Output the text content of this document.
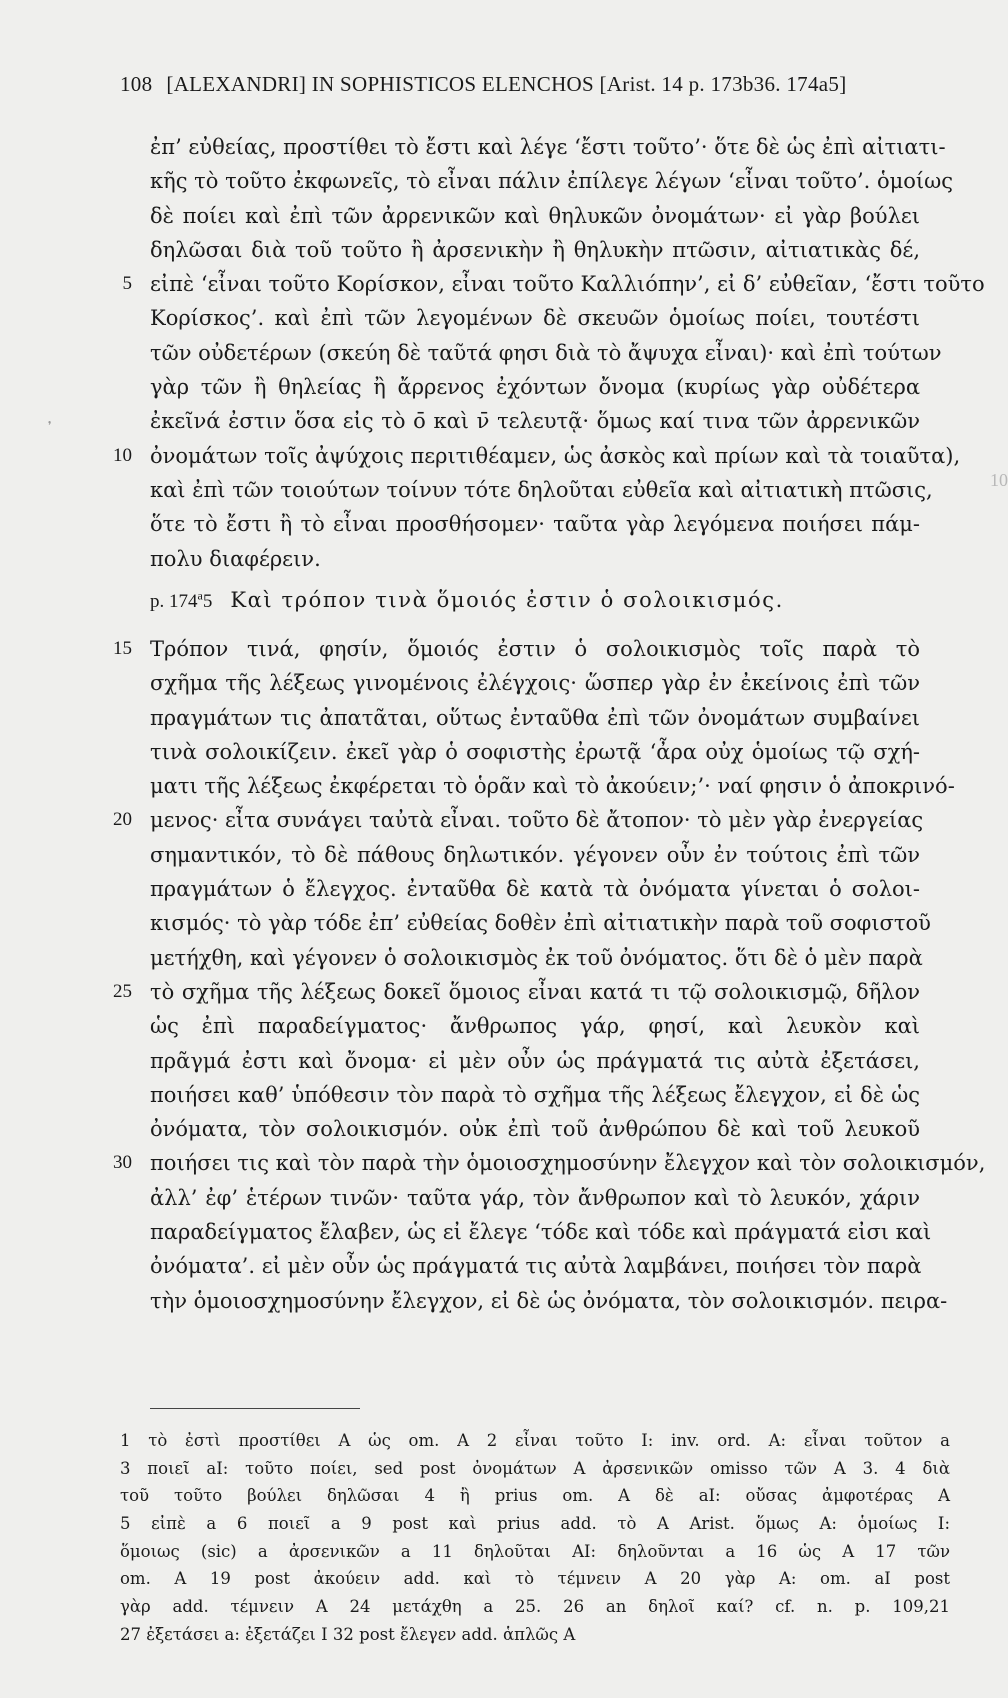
108 [ALEXANDRI] IN SOPHISTICOS ELENCHOS [Arist. 14 p. 173b36. 174a5]
᾽
10
ἐπ’ εὐθείας, προστίθει τὸ ἔστι καὶ λέγε ‘ἔστι τοῦτο’· ὅτε δὲ ὡς ἐπὶ αἰτιατι-
κῆς τὸ τοῦτο ἐκφωνεῖς, τὸ εἶναι πάλιν ἐπίλεγε λέγων ‘εἶναι τοῦτο’. ὁμοίως
δὲ ποίει καὶ ἐπὶ τῶν ἀρρενικῶν καὶ θηλυκῶν ὀνομάτων· εἰ γὰρ βούλει
δηλῶσαι διὰ τοῦ τοῦτο ἢ ἀρσενικὴν ἢ θηλυκὴν πτῶσιν, αἰτιατικὰς δέ,
εἰπὲ ‘εἶναι τοῦτο Κορίσκον, εἶναι τοῦτο Καλλιόπην’, εἰ δ’ εὐθεῖαν, ‘ἔστι τοῦτο
5
Κορίσκος’. καὶ ἐπὶ τῶν λεγομένων δὲ σκευῶν ὁμοίως ποίει, τουτέστι
τῶν οὐδετέρων (σκεύη δὲ ταῦτά φησι διὰ τὸ ἄψυχα εἶναι)· καὶ ἐπὶ τούτων
γὰρ τῶν ἢ θηλείας ἢ ἄρρενος ἐχόντων ὄνομα (κυρίως γὰρ οὐδέτερα
ἐκεῖνά ἐστιν ὅσα εἰς τὸ ο̄ καὶ ν̄ τελευτᾷ· ὅμως καί τινα τῶν ἀρρενικῶν
ὀνομάτων τοῖς ἀψύχοις περιτιθέαμεν, ὡς ἀσκὸς καὶ πρίων καὶ τὰ τοιαῦτα),
10
καὶ ἐπὶ τῶν τοιούτων τοίνυν τότε δηλοῦται εὐθεῖα καὶ αἰτιατικὴ πτῶσις,
ὅτε τὸ ἔστι ἢ τὸ εἶναι προσθήσομεν· ταῦτα γὰρ λεγόμενα ποιήσει πάμ-
πολυ διαφέρειν.
p. 174$^a$5 Καὶ τρόπον τινὰ ὅμοιός ἐστιν ὁ σολοικισμός.
Τρόπον τινά, φησίν, ὅμοιός ἐστιν ὁ σολοικισμὸς τοῖς παρὰ τὸ
15
σχῆμα τῆς λέξεως γινομένοις ἐλέγχοις· ὥσπερ γὰρ ἐν ἐκείνοις ἐπὶ τῶν
πραγμάτων τις ἀπατᾶται, οὕτως ἐνταῦθα ἐπὶ τῶν ὀνομάτων συμβαίνει
τινὰ σολοικίζειν. ἐκεῖ γὰρ ὁ σοφιστὴς ἐρωτᾷ ‘ἆρα οὐχ ὁμοίως τῷ σχή-
ματι τῆς λέξεως ἐκφέρεται τὸ ὁρᾶν καὶ τὸ ἀκούειν;’· ναί φησιν ὁ ἀποκρινό-
μενος· εἶτα συνάγει ταὐτὰ εἶναι. τοῦτο δὲ ἄτοπον· τὸ μὲν γὰρ ἐνεργείας
20
σημαντικόν, τὸ δὲ πάθους δηλωτικόν. γέγονεν οὖν ἐν τούτοις ἐπὶ τῶν
πραγμάτων ὁ ἔλεγχος. ἐνταῦθα δὲ κατὰ τὰ ὀνόματα γίνεται ὁ σολοι-
κισμός· τὸ γὰρ τόδε ἐπ’ εὐθείας δοθὲν ἐπὶ αἰτιατικὴν παρὰ τοῦ σοφιστοῦ
μετήχθη, καὶ γέγονεν ὁ σολοικισμὸς ἐκ τοῦ ὀνόματος. ὅτι δὲ ὁ μὲν παρὰ
τὸ σχῆμα τῆς λέξεως δοκεῖ ὅμοιος εἶναι κατά τι τῷ σολοικισμῷ, δῆλον
25
ὡς ἐπὶ παραδείγματος· ἄνθρωπος γάρ, φησί, καὶ λευκὸν καὶ
πρᾶγμά ἐστι καὶ ὄνομα· εἰ μὲν οὖν ὡς πράγματά τις αὐτὰ ἐξετάσει,
ποιήσει καθ’ ὑπόθεσιν τὸν παρὰ τὸ σχῆμα τῆς λέξεως ἔλεγχον, εἰ δὲ ὡς
ὀνόματα, τὸν σολοικισμόν. οὐκ ἐπὶ τοῦ ἀνθρώπου δὲ καὶ τοῦ λευκοῦ
ποιήσει τις καὶ τὸν παρὰ τὴν ὁμοιοσχημοσύνην ἔλεγχον καὶ τὸν σολοικισμόν,
30
ἀλλ’ ἐφ’ ἑτέρων τινῶν· ταῦτα γάρ, τὸν ἄνθρωπον καὶ τὸ λευκόν, χάριν
παραδείγματος ἔλαβεν, ὡς εἰ ἔλεγε ‘τόδε καὶ τόδε καὶ πράγματά εἰσι καὶ
ὀνόματα’. εἰ μὲν οὖν ὡς πράγματά τις αὐτὰ λαμβάνει, ποιήσει τὸν παρὰ
τὴν ὁμοιοσχημοσύνην ἔλεγχον, εἰ δὲ ὡς ὀνόματα, τὸν σολοικισμόν. πειρα-
1 τὸ ἐστὶ προστίθει A ὡς om. A 2 εἶναι τοῦτο I: inv. ord. A: εἶναι τοῦτον a
3 ποιεῖ aI: τοῦτο ποίει, sed post ὀνομάτων A ἀρσενικῶν omisso τῶν A 3. 4 διὰ
τοῦ τοῦτο βούλει δηλῶσαι 4 ἢ prius om. A δὲ aI: οὔσας ἀμφοτέρας A
5 εἰπὲ a 6 ποιεῖ a 9 post καὶ prius add. τὸ A Arist. ὅμως A: ὁμοίως I:
ὅμοιως (sic) a ἀρσενικῶν a 11 δηλοῦται AI: δηλοῦνται a 16 ὡς A 17 τῶν
om. A 19 post ἀκούειν add. καὶ τὸ τέμνειν A 20 γὰρ A: om. aI post
γὰρ add. τέμνειν A 24 μετάχθη a 25. 26 an δηλοῖ καί? cf. n. p. 109,21
27 ἐξετάσει a: ἐξετάζει I 32 post ἔλεγεν add. ἁπλῶς A
